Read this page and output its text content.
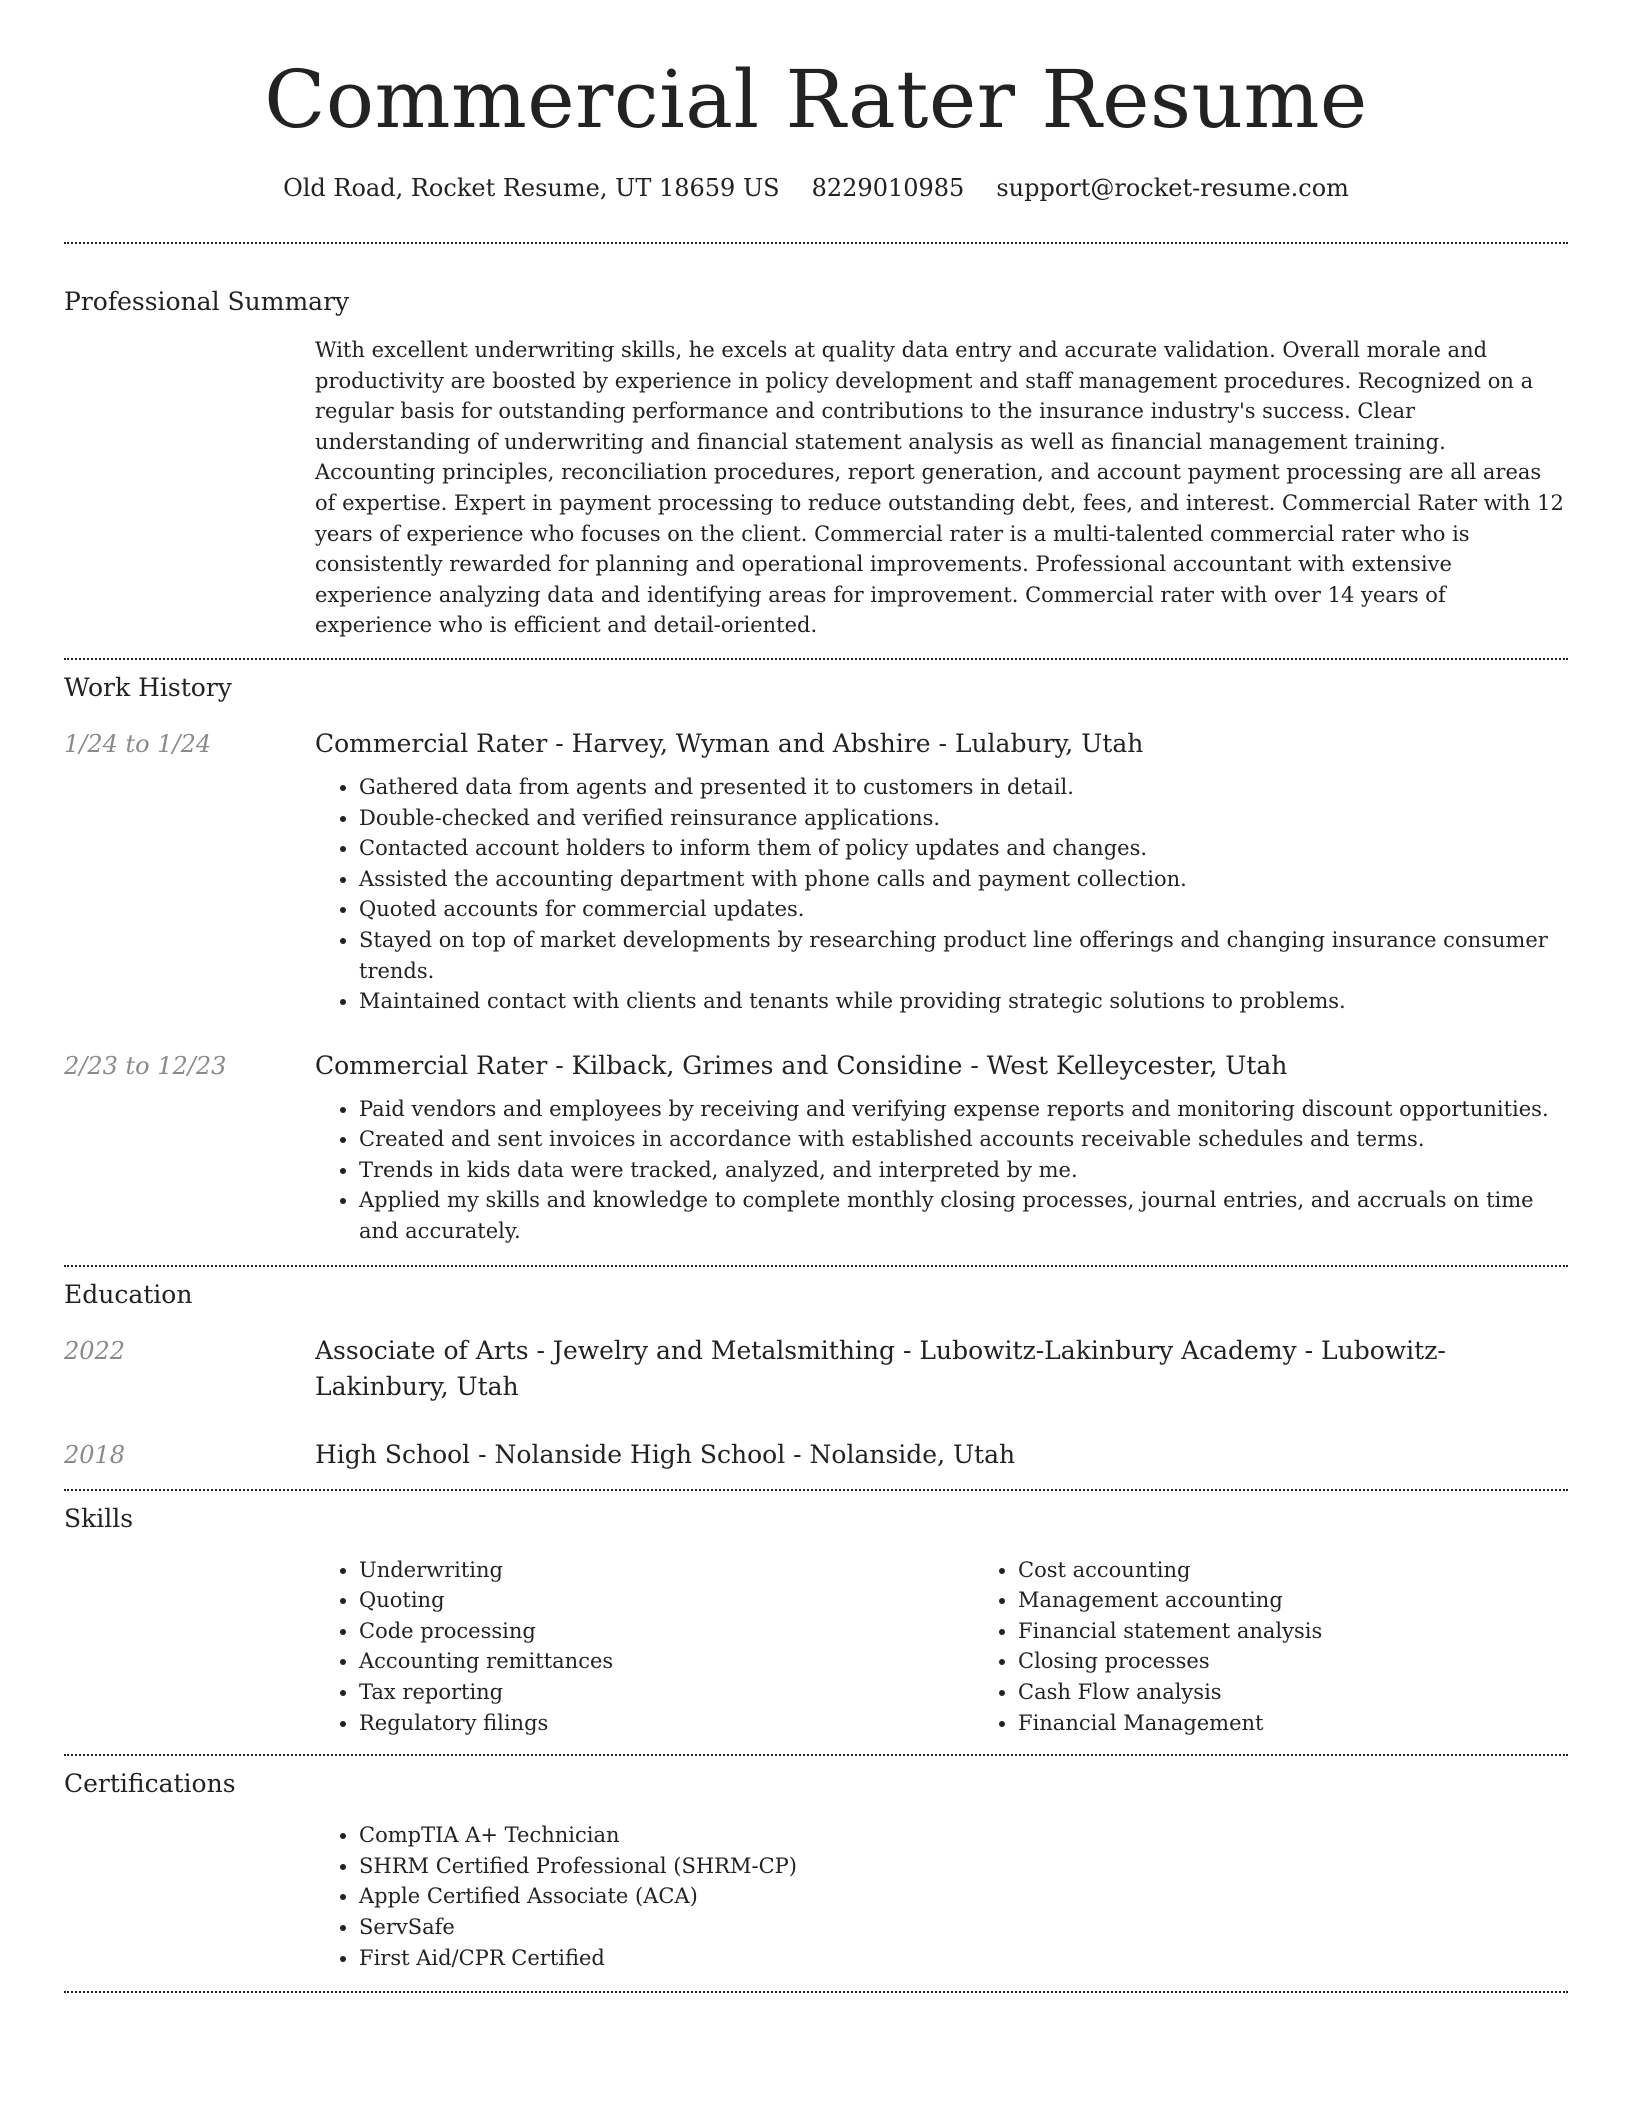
Commercial Rater Resume
Old Road, Rocket Resume, UT 18659 US 8229010985 support@rocket-resume.com
Professional Summary

With excellent underwriting skills, he excels at quality data entry and accurate validation. Overall morale and productivity are boosted by experience in policy development and staff management procedures. Recognized on a regular basis for outstanding performance and contributions to the insurance industry's success. Clear understanding of underwriting and financial statement analysis as well as financial management training. Accounting principles, reconciliation procedures, report generation, and account payment processing are all areas of expertise. Expert in payment processing to reduce outstanding debt, fees, and interest. Commercial Rater with 12 years of experience who focuses on the client. Commercial rater is a multi-talented commercial rater who is consistently rewarded for planning and operational improvements. Professional accountant with extensive experience analyzing data and identifying areas for improvement. Commercial rater with over 14 years of experience who is efficient and detail-oriented.

Work History
1/24 to 1/24	Commercial Rater - Harvey, Wyman and Abshire - Lulabury, Utah
• Gathered data from agents and presented it to customers in detail.
• Double-checked and verified reinsurance applications.
• Contacted account holders to inform them of policy updates and changes.
• Assisted the accounting department with phone calls and payment collection.
• Quoted accounts for commercial updates.
• Stayed on top of market developments by researching product line offerings and changing insurance consumer trends.
• Maintained contact with clients and tenants while providing strategic solutions to problems.
2/23 to 12/23	Commercial Rater - Kilback, Grimes and Considine - West Kelleycester, Utah
• Paid vendors and employees by receiving and verifying expense reports and monitoring discount opportunities.
• Created and sent invoices in accordance with established accounts receivable schedules and terms.
• Trends in kids data were tracked, analyzed, and interpreted by me.
• Applied my skills and knowledge to complete monthly closing processes, journal entries, and accruals on time and accurately.
Education
2022	Associate of Arts - Jewelry and Metalsmithing - Lubowitz-Lakinbury Academy - Lubowitz-Lakinbury, Utah
2018	High School - Nolanside High School - Nolanside, Utah
Skills
• Underwriting
• Quoting
• Code processing
• Accounting remittances
• Tax reporting
• Regulatory filings
• Cost accounting
• Management accounting
• Financial statement analysis
• Closing processes
• Cash Flow analysis
• Financial Management
Certifications
• CompTIA A+ Technician
• SHRM Certified Professional (SHRM-CP)
• Apple Certified Associate (ACA)
• ServSafe
• First Aid/CPR Certified
